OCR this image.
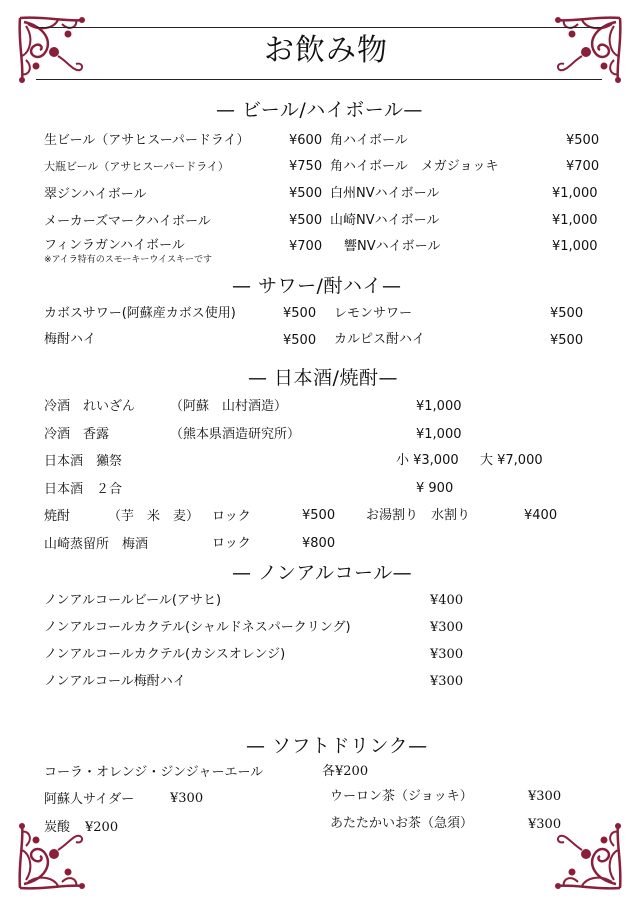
お飲み物
— ビール/ハイボール—
生ビール（アサヒスーパードライ）	¥600 角ハイボール	¥500
大瓶ビール（アサヒスーパードライ）	¥750 角ハイボール　メガジョッキ	¥700
翠ジンハイボール	¥500 白州NVハイボール	¥1,000
メーカーズマークハイボール	¥500 山崎NVハイボール	¥1,000
フィンラガンハイボール	¥700 響NVハイボール	¥1,000
※アイラ特有のスモーキーウイスキーです
— サワー/酎ハイ—
カボスサワー(阿蘇産カボス使用)	¥500 レモンサワー	¥500
梅酎ハイ	¥500 カルピス酎ハイ	¥500
— 日本酒/焼酎—
冷酒　れいざん	（阿蘇　山村酒造）	¥1,000
冷酒　香露	（熊本県酒造研究所）	¥1,000
日本酒　獺祭	小 ¥3,000 大 ¥7,000
日本酒　２合	¥ 900
焼酎	（芋　米　麦） ロック	¥500 お湯割り　水割り	¥400
山崎蒸留所　梅酒	ロック	¥800
— ノンアルコール—
ノンアルコールビール(アサヒ)	¥400
ノンアルコールカクテル(シャルドネスパークリング)	¥300
ノンアルコールカクテル(カシスオレンジ)	¥300
ノンアルコール梅酎ハイ	¥300
— ソフトドリンク—
コーラ・オレンジ・ジンジャーエール	各¥200
阿蘇人サイダー	¥300	ウーロン茶（ジョッキ）	¥300
炭酸 ¥200	あたたかいお茶（急須）	¥300
